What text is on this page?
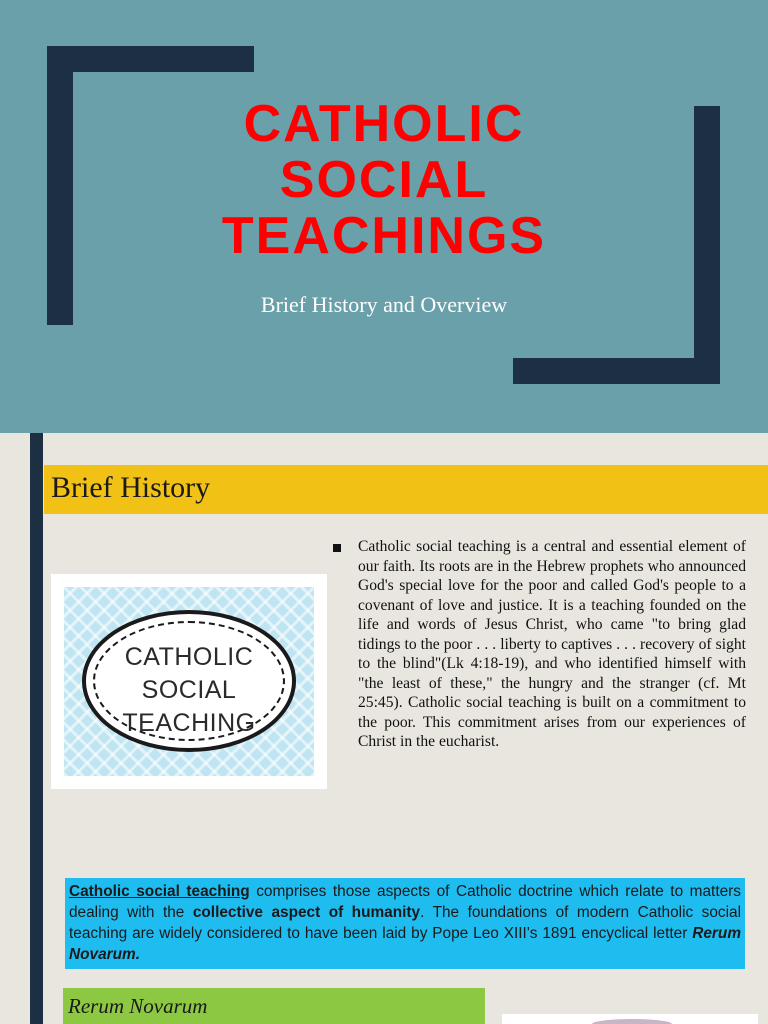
CATHOLIC
SOCIAL
TEACHINGS

Brief History and Overview

Brief History

CATHOLIC
SOCIAL
TEACHING

Catholic social teaching is a central and essential element of our faith. Its roots are in the Hebrew prophets who announced God's special love for the poor and called God's people to a covenant of love and justice. It is a teaching founded on the life and words of Jesus Christ, who came "to bring glad tidings to the poor . . . liberty to captives . . . recovery of sight to the blind"(Lk 4:18-19), and who identified himself with "the least of these," the hungry and the stranger (cf. Mt 25:45). Catholic social teaching is built on a commitment to the poor. This commitment arises from our experiences of Christ in the eucharist.

Catholic social teaching comprises those aspects of Catholic doctrine which relate to matters dealing with the collective aspect of humanity. The foundations of modern Catholic social teaching are widely considered to have been laid by Pope Leo XIII's 1891 encyclical letter Rerum Novarum.

Rerum Novarum
